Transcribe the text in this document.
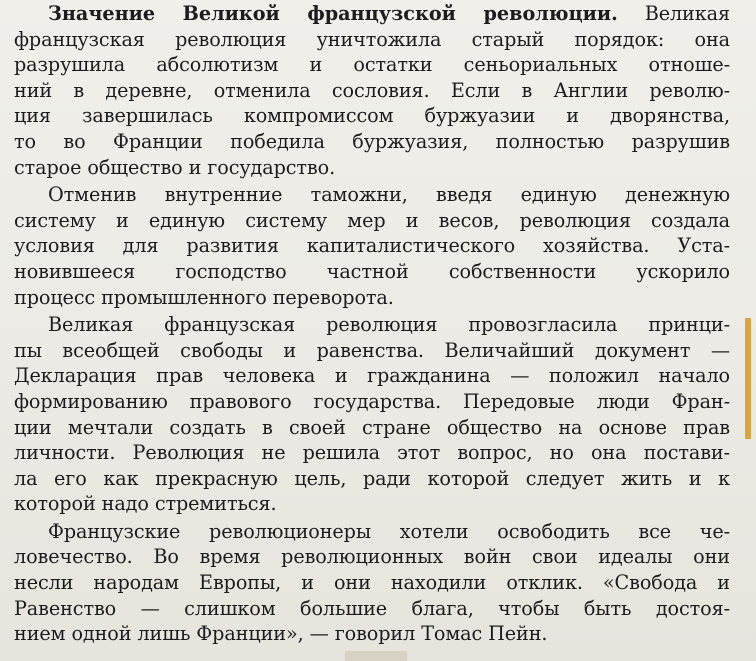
Значение Великой французской революции. Великая
французская революция уничтожила старый порядок: она
разрушила абсолютизм и остатки сеньориальных отноше-
ний в деревне, отменила сословия. Если в Англии револю-
ция завершилась компромиссом буржуазии и дворянства,
то во Франции победила буржуазия, полностью разрушив
старое общество и государство.
Отменив внутренние таможни, введя единую денежную
систему и единую систему мер и весов, революция создала
условия для развития капиталистического хозяйства. Уста-
новившееся господство частной собственности ускорило
процесс промышленного переворота.
Великая французская революция провозгласила принци-
пы всеобщей свободы и равенства. Величайший документ —
Декларация прав человека и гражданина — положил начало
формированию правового государства. Передовые люди Фран-
ции мечтали создать в своей стране общество на основе прав
личности. Революция не решила этот вопрос, но она постави-
ла его как прекрасную цель, ради которой следует жить и к
которой надо стремиться.
Французские революционеры хотели освободить все че-
ловечество. Во время революционных войн свои идеалы они
несли народам Европы, и они находили отклик. «Свобода и
Равенство — слишком большие блага, чтобы быть достоя-
нием одной лишь Франции», — говорил Томас Пейн.
